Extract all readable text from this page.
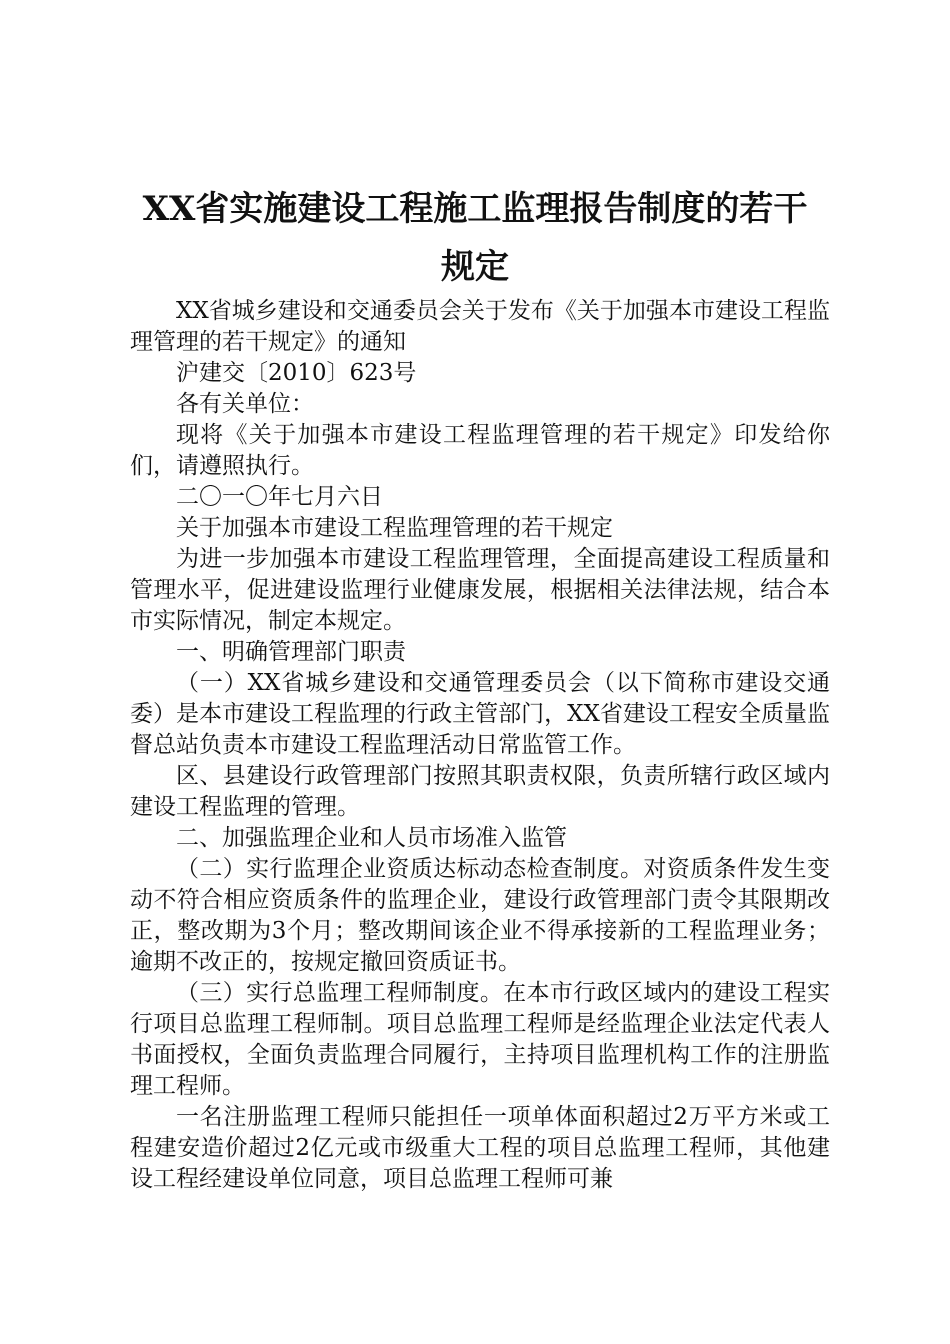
XX省实施建设工程施工监理报告制度的若干
规定

XX省城乡建设和交通委员会关于发布《关于加强本市建设工程监理管理的若干规定》的通知

沪建交〔2010〕623号

各有关单位：

现将《关于加强本市建设工程监理管理的若干规定》印发给你们，请遵照执行。

二〇一〇年七月六日

关于加强本市建设工程监理管理的若干规定

为进一步加强本市建设工程监理管理，全面提高建设工程质量和管理水平，促进建设监理行业健康发展，根据相关法律法规，结合本市实际情况，制定本规定。

一、明确管理部门职责

（一）XX省城乡建设和交通管理委员会（以下简称市建设交通委）是本市建设工程监理的行政主管部门，XX省建设工程安全质量监督总站负责本市建设工程监理活动日常监管工作。

区、县建设行政管理部门按照其职责权限，负责所辖行政区域内建设工程监理的管理。

二、加强监理企业和人员市场准入监管

（二）实行监理企业资质达标动态检查制度。对资质条件发生变动不符合相应资质条件的监理企业，建设行政管理部门责令其限期改正，整改期为3个月；整改期间该企业不得承接新的工程监理业务；逾期不改正的，按规定撤回资质证书。

（三）实行总监理工程师制度。在本市行政区域内的建设工程实行项目总监理工程师制。项目总监理工程师是经监理企业法定代表人书面授权，全面负责监理合同履行，主持项目监理机构工作的注册监理工程师。

一名注册监理工程师只能担任一项单体面积超过2万平方米或工程建安造价超过2亿元或市级重大工程的项目总监理工程师，其他建设工程经建设单位同意，项目总监理工程师可兼
